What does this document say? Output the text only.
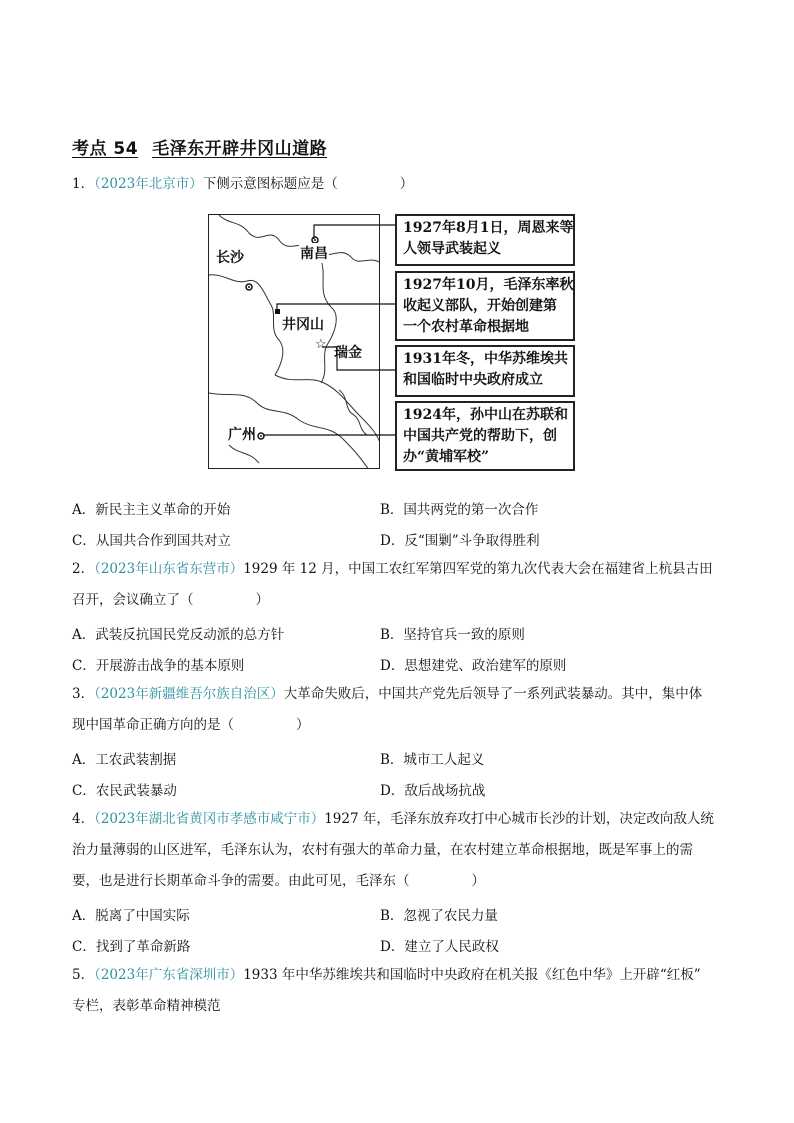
考点 54 毛泽东开辟井冈山道路
1．（2023年北京市）下侧示意图标题应是（	）
☆
长沙	南昌
井冈山
瑞金
广州
1927年8月1日，周恩来等
人领导武装起义
1927年10月，毛泽东率秋
收起义部队，开始创建第
一个农村革命根据地
1931年冬，中华苏维埃共
和国临时中央政府成立
1924年，孙中山在苏联和
中国共产党的帮助下，创
办“黄埔军校”
A．新民主主义革命的开始	B．国共两党的第一次合作
C．从国共合作到国共对立	D．反“围剿”斗争取得胜利
2．（2023年山东省东营市）1929 年 12 月，中国工农红军第四军党的第九次代表大会在福建省上杭县古田
召开，会议确立了（	）
A．武装反抗国民党反动派的总方针	B．坚持官兵一致的原则
C．开展游击战争的基本原则	D．思想建党、政治建军的原则
3．（2023年新疆维吾尔族自治区）大革命失败后，中国共产党先后领导了一系列武装暴动。其中，集中体
现中国革命正确方向的是（	）
A．工农武装割据	B．城市工人起义
C．农民武装暴动	D．敌后战场抗战
4．（2023年湖北省黄冈市孝感市咸宁市）1927 年，毛泽东放弃攻打中心城市长沙的计划，决定改向敌人统
治力量薄弱的山区进军，毛泽东认为，农村有强大的革命力量，在农村建立革命根据地，既是军事上的需
要，也是进行长期革命斗争的需要。由此可见，毛泽东（	）
A．脱离了中国实际	B．忽视了农民力量
C．找到了革命新路	D．建立了人民政权
5．（2023年广东省深圳市）1933 年中华苏维埃共和国临时中央政府在机关报《红色中华》上开辟“红板”
专栏，表彰革命精神模范
